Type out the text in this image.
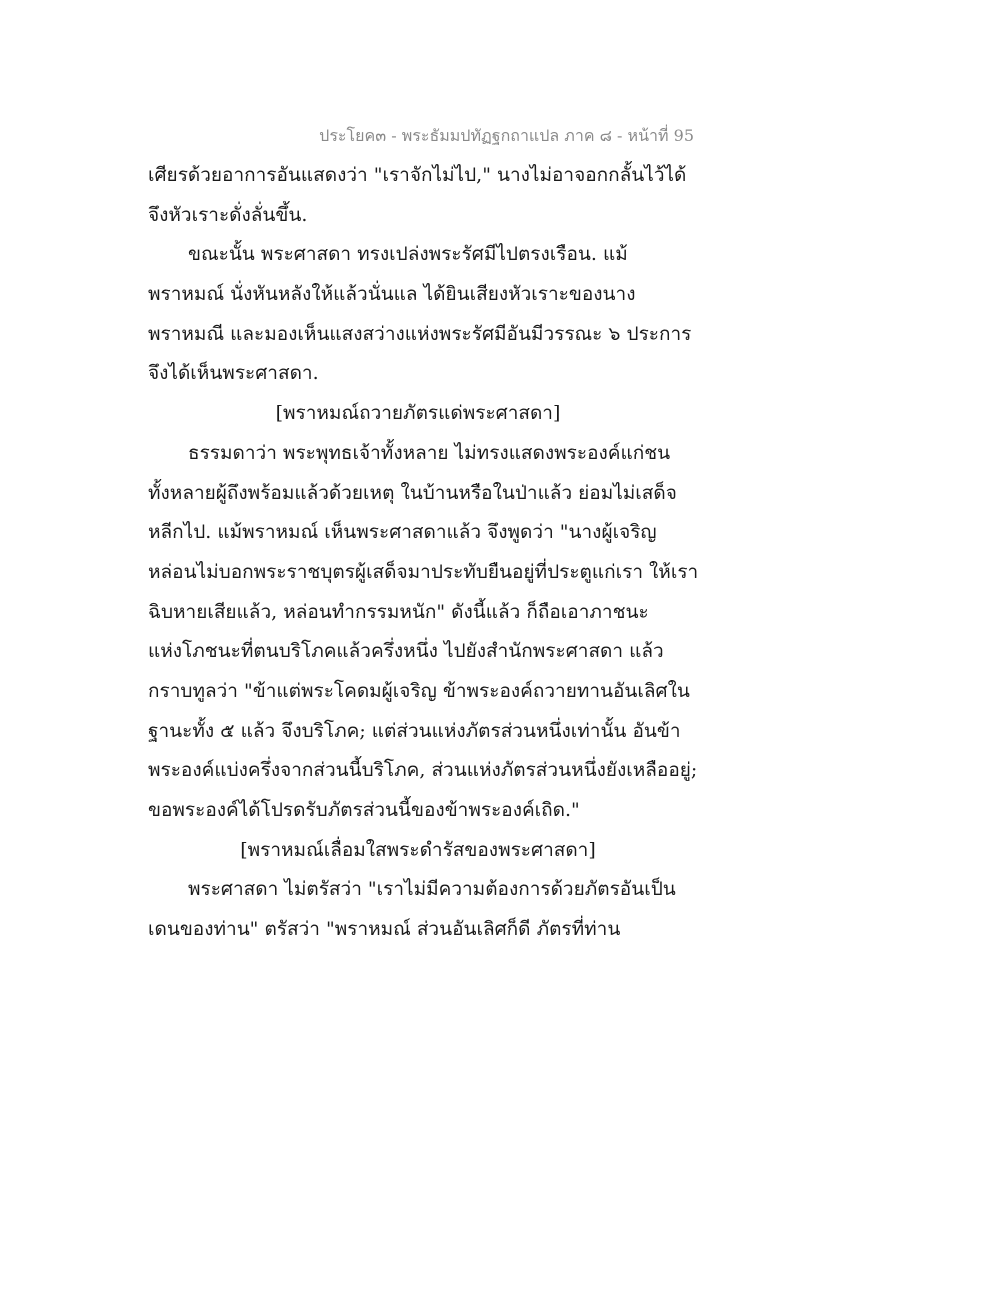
ประโยค๓ - พระธัมมปทัฏฐกถาแปล ภาค ๘ - หน้าที่ 95
เศียรด้วยอาการอันแสดงว่า "เราจักไม่ไป," นางไม่อาจอกกลั้นไว้ได้
จึงหัวเราะดั่งลั่นขึ้น.
ขณะนั้น พระศาสดา ทรงเปล่งพระรัศมีไปตรงเรือน. แม้
พราหมณ์ นั่งหันหลังให้แล้วนั่นแล ได้ยินเสียงหัวเราะของนาง
พราหมณี และมองเห็นแสงสว่างแห่งพระรัศมีอันมีวรรณะ ๖ ประการ
จึงได้เห็นพระศาสดา.
[พราหมณ์ถวายภัตรแด่พระศาสดา]
ธรรมดาว่า พระพุทธเจ้าทั้งหลาย ไม่ทรงแสดงพระองค์แก่ชน
ทั้งหลายผู้ถึงพร้อมแล้วด้วยเหตุ ในบ้านหรือในป่าแล้ว ย่อมไม่เสด็จ
หลีกไป. แม้พราหมณ์ เห็นพระศาสดาแล้ว จึงพูดว่า "นางผู้เจริญ
หล่อนไม่บอกพระราชบุตรผู้เสด็จมาประทับยืนอยู่ที่ประตูแก่เรา ให้เรา
ฉิบหายเสียแล้ว, หล่อนทำกรรมหนัก" ดังนี้แล้ว ก็ถือเอาภาชนะ
แห่งโภชนะที่ตนบริโภคแล้วครึ่งหนึ่ง ไปยังสำนักพระศาสดา แล้ว
กราบทูลว่า "ข้าแต่พระโคดมผู้เจริญ ข้าพระองค์ถวายทานอันเลิศใน
ฐานะทั้ง ๕ แล้ว จึงบริโภค; แต่ส่วนแห่งภัตรส่วนหนึ่งเท่านั้น อันข้า
พระองค์แบ่งครึ่งจากส่วนนี้บริโภค, ส่วนแห่งภัตรส่วนหนึ่งยังเหลืออยู่;
ขอพระองค์ได้โปรดรับภัตรส่วนนี้ของข้าพระองค์เถิด."
[พราหมณ์เลื่อมใสพระดำรัสของพระศาสดา]
พระศาสดา ไม่ตรัสว่า "เราไม่มีความต้องการด้วยภัตรอันเป็น
เดนของท่าน" ตรัสว่า "พราหมณ์ ส่วนอันเลิศก็ดี ภัตรที่ท่าน
